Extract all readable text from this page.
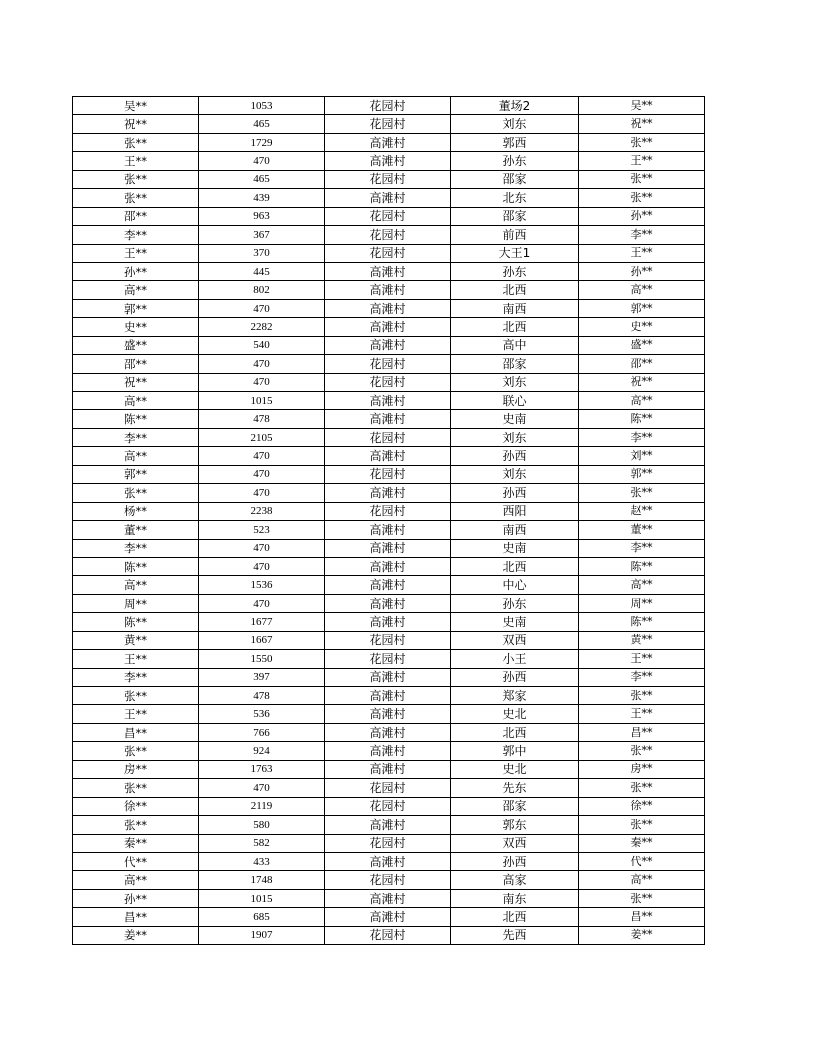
吴**	1053	花园村	董场2	吴**
祝**	465	花园村	刘东	祝**
张**	1729	高滩村	郭西	张**
王**	470	高滩村	孙东	王**
张**	465	花园村	邵家	张**
张**	439	高滩村	北东	张**
邵**	963	花园村	邵家	孙**
李**	367	花园村	前西	李**
王**	370	花园村	大王1	王**
孙**	445	高滩村	孙东	孙**
高**	802	高滩村	北西	高**
郭**	470	高滩村	南西	郭**
史**	2282	高滩村	北西	史**
盛**	540	高滩村	高中	盛**
邵**	470	花园村	邵家	邵**
祝**	470	花园村	刘东	祝**
高**	1015	高滩村	联心	高**
陈**	478	高滩村	史南	陈**
李**	2105	花园村	刘东	李**
高**	470	高滩村	孙西	刘**
郭**	470	花园村	刘东	郭**
张**	470	高滩村	孙西	张**
杨**	2238	花园村	西阳	赵**
董**	523	高滩村	南西	董**
李**	470	高滩村	史南	李**
陈**	470	高滩村	北西	陈**
高**	1536	高滩村	中心	高**
周**	470	高滩村	孙东	周**
陈**	1677	高滩村	史南	陈**
黄**	1667	花园村	双西	黄**
王**	1550	花园村	小王	王**
李**	397	高滩村	孙西	李**
张**	478	高滩村	郑家	张**
王**	536	高滩村	史北	王**
昌**	766	高滩村	北西	昌**
张**	924	高滩村	郭中	张**
房**	1763	高滩村	史北	房**
张**	470	花园村	先东	张**
徐**	2119	花园村	邵家	徐**
张**	580	高滩村	郭东	张**
秦**	582	花园村	双西	秦**
代**	433	高滩村	孙西	代**
高**	1748	花园村	高家	高**
孙**	1015	高滩村	南东	张**
昌**	685	高滩村	北西	昌**
姜**	1907	花园村	先西	姜**
